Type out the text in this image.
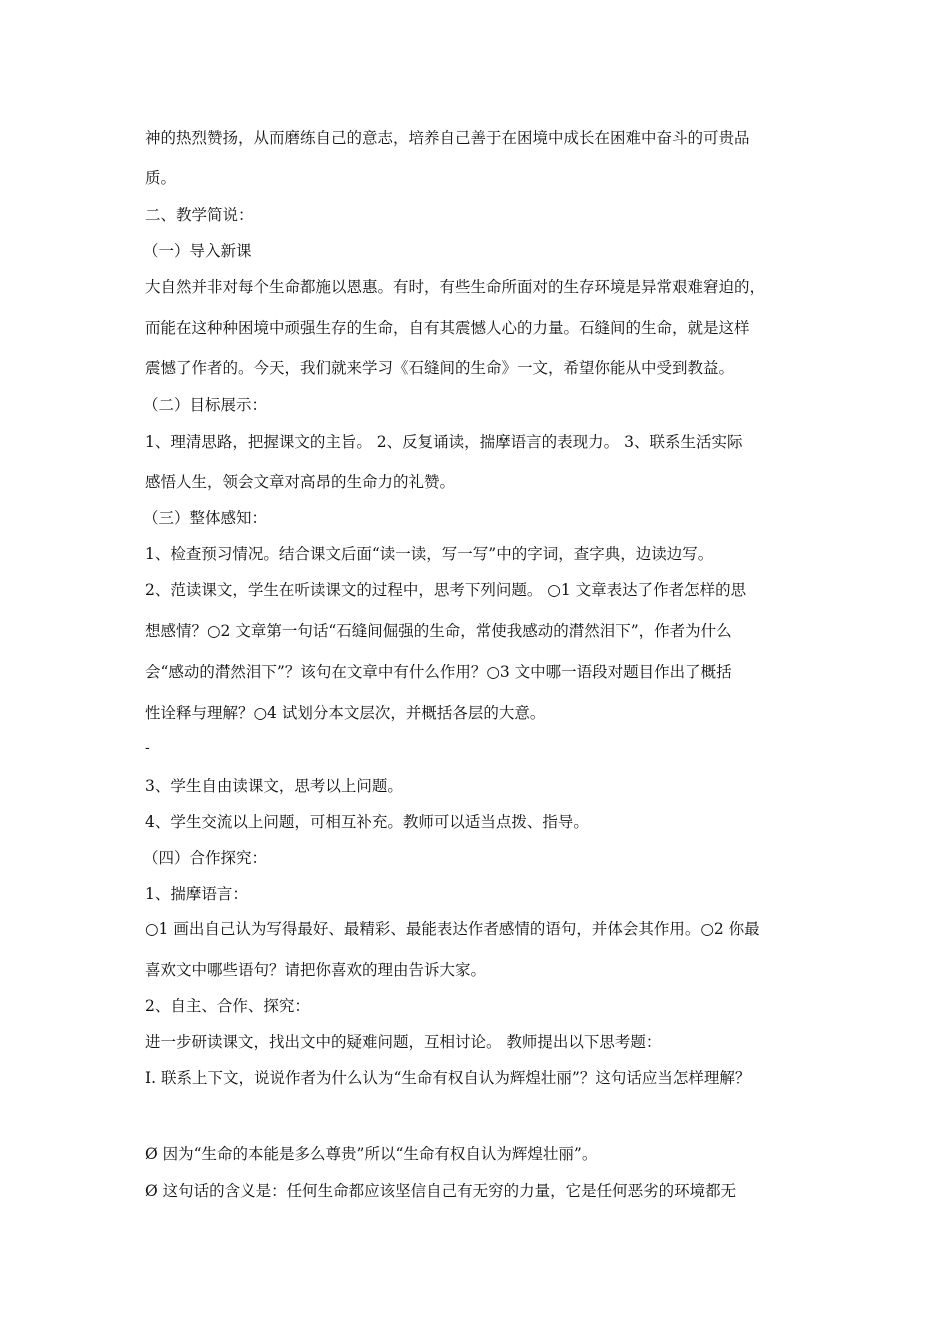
神的热烈赞扬，从而磨练自己的意志，培养自己善于在困境中成长在困难中奋斗的可贵品
质。
二、教学简说：
（一）导入新课
大自然并非对每个生命都施以恩惠。有时，有些生命所面对的生存环境是异常艰难窘迫的，
而能在这种种困境中顽强生存的生命，自有其震憾人心的力量。石缝间的生命，就是这样
震憾了作者的。今天，我们就来学习《石缝间的生命》一文，希望你能从中受到教益。
（二）目标展示：
1、理清思路，把握课文的主旨。 2、反复诵读，揣摩语言的表现力。 3、联系生活实际
感悟人生，领会文章对高昂的生命力的礼赞。
（三）整体感知：
1、检查预习情况。结合课文后面“读一读，写一写”中的字词，查字典，边读边写。
2、范读课文，学生在听读课文的过程中，思考下列问题。 ○1 文章表达了作者怎样的思
想感情？○2 文章第一句话“石缝间倔强的生命，常使我感动的潸然泪下”，作者为什么
会“感动的潸然泪下”？该句在文章中有什么作用？○3 文中哪一语段对题目作出了概括
性诠释与理解？○4 试划分本文层次，并概括各层的大意。
-
3、学生自由读课文，思考以上问题。
4、学生交流以上问题，可相互补充。教师可以适当点拨、指导。
（四）合作探究：
1、揣摩语言：
○1 画出自己认为写得最好、最精彩、最能表达作者感情的语句，并体会其作用。○2 你最
喜欢文中哪些语句？请把你喜欢的理由告诉大家。
2、自主、合作、探究：
进一步研读课文，找出文中的疑难问题，互相讨论。 教师提出以下思考题：
I. 联系上下文，说说作者为什么认为“生命有权自认为辉煌壮丽”？这句话应当怎样理解？
Ø 因为“生命的本能是多么尊贵”所以“生命有权自认为辉煌壮丽”。
Ø 这句话的含义是：任何生命都应该坚信自己有无穷的力量，它是任何恶劣的环境都无
